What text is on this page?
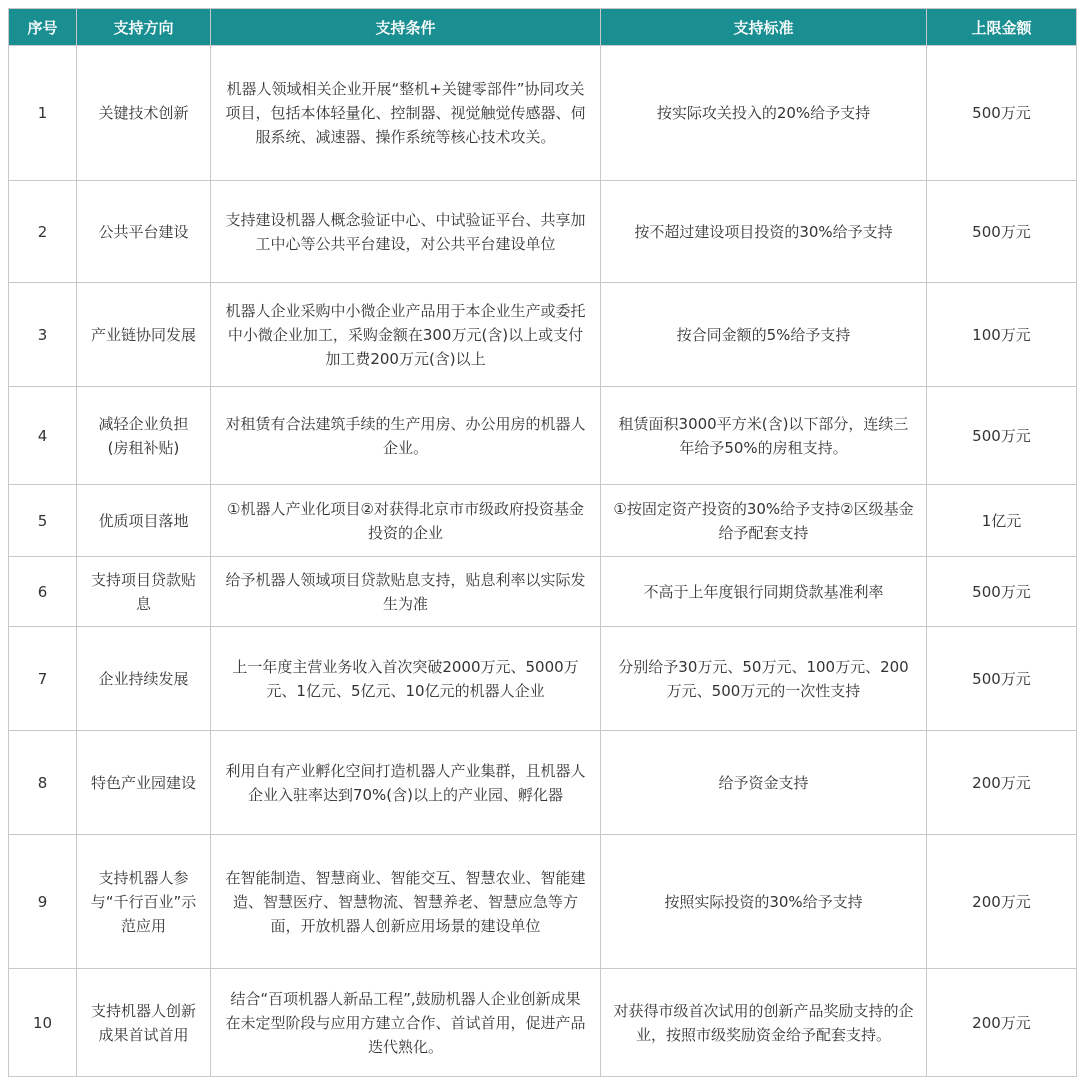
序号	支持方向	支持条件	支持标准	上限金额
1	关键技术创新	机器人领域相关企业开展“整机+关键零部件”协同攻关项目，包括本体轻量化、控制器、视觉触觉传感器、伺服系统、减速器、操作系统等核心技术攻关。	按实际攻关投入的20%给予支持	500万元
2	公共平台建设	支持建设机器人概念验证中心、中试验证平台、共享加工中心等公共平台建设，对公共平台建设单位	按不超过建设项目投资的30%给予支持	500万元
3	产业链协同发展	机器人企业采购中小微企业产品用于本企业生产或委托中小微企业加工，采购金额在300万元(含)以上或支付加工费200万元(含)以上	按合同金额的5%给予支持	100万元
4	减轻企业负担(房租补贴)	对租赁有合法建筑手续的生产用房、办公用房的机器人企业。	租赁面积3000平方米(含)以下部分，连续三年给予50%的房租支持。	500万元
5	优质项目落地	①机器人产业化项目②对获得北京市市级政府投资基金投资的企业	①按固定资产投资的30%给予支持②区级基金给予配套支持	1亿元
6	支持项目贷款贴息	给予机器人领域项目贷款贴息支持，贴息利率以实际发生为准	不高于上年度银行同期贷款基准利率	500万元
7	企业持续发展	上一年度主营业务收入首次突破2000万元、5000万元、1亿元、5亿元、10亿元的机器人企业	分别给予30万元、50万元、100万元、200万元、500万元的一次性支持	500万元
8	特色产业园建设	利用自有产业孵化空间打造机器人产业集群，且机器人企业入驻率达到70%(含)以上的产业园、孵化器	给予资金支持	200万元
9	支持机器人参与“千行百业”示范应用	在智能制造、智慧商业、智能交互、智慧农业、智能建造、智慧医疗、智慧物流、智慧养老、智慧应急等方面，开放机器人创新应用场景的建设单位	按照实际投资的30%给予支持	200万元
10	支持机器人创新成果首试首用	结合“百项机器人新品工程”,鼓励机器人企业创新成果在未定型阶段与应用方建立合作、首试首用，促进产品迭代熟化。	对获得市级首次试用的创新产品奖励支持的企业，按照市级奖励资金给予配套支持。	200万元
